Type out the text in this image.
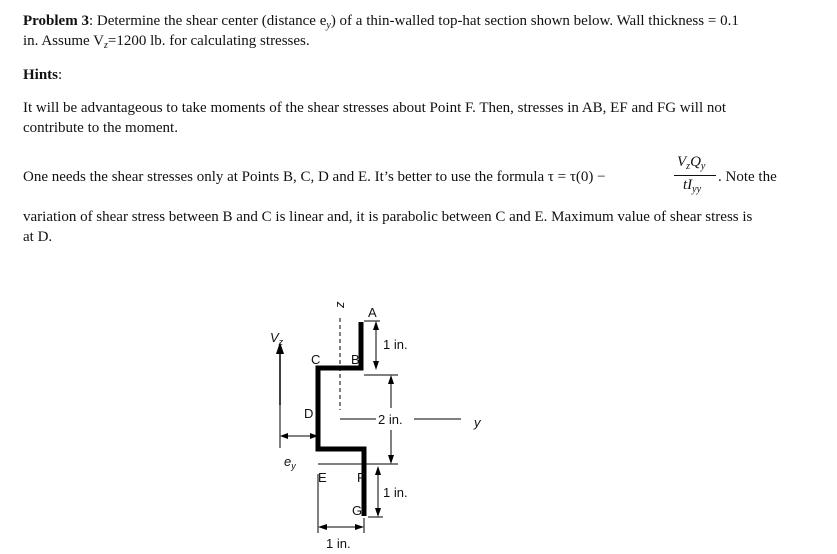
Problem 3: Determine the shear center (distance $e_y$) of a thin-walled top-hat section shown below. Wall thickness = 0.1
in. Assume $V_z=1200$ lb. for calculating stresses.
Hints:
It will be advantageous to take moments of the shear stresses about Point F. Then, stresses in AB, EF and FG will not
contribute to the moment.
One needs the shear stresses only at Points B, C, D and E. It’s better to use the formula τ = τ(0) −
$V_zQ_y$
$tI_{yy}$
. Note the
variation of shear stress between B and C is linear and, it is parabolic between C and E. Maximum value of shear stress is
at D.
z
A
B
C
D
E F
G
$V_z$
$e_y$
y
1 in.
2 in.
1 in.
1 in.
